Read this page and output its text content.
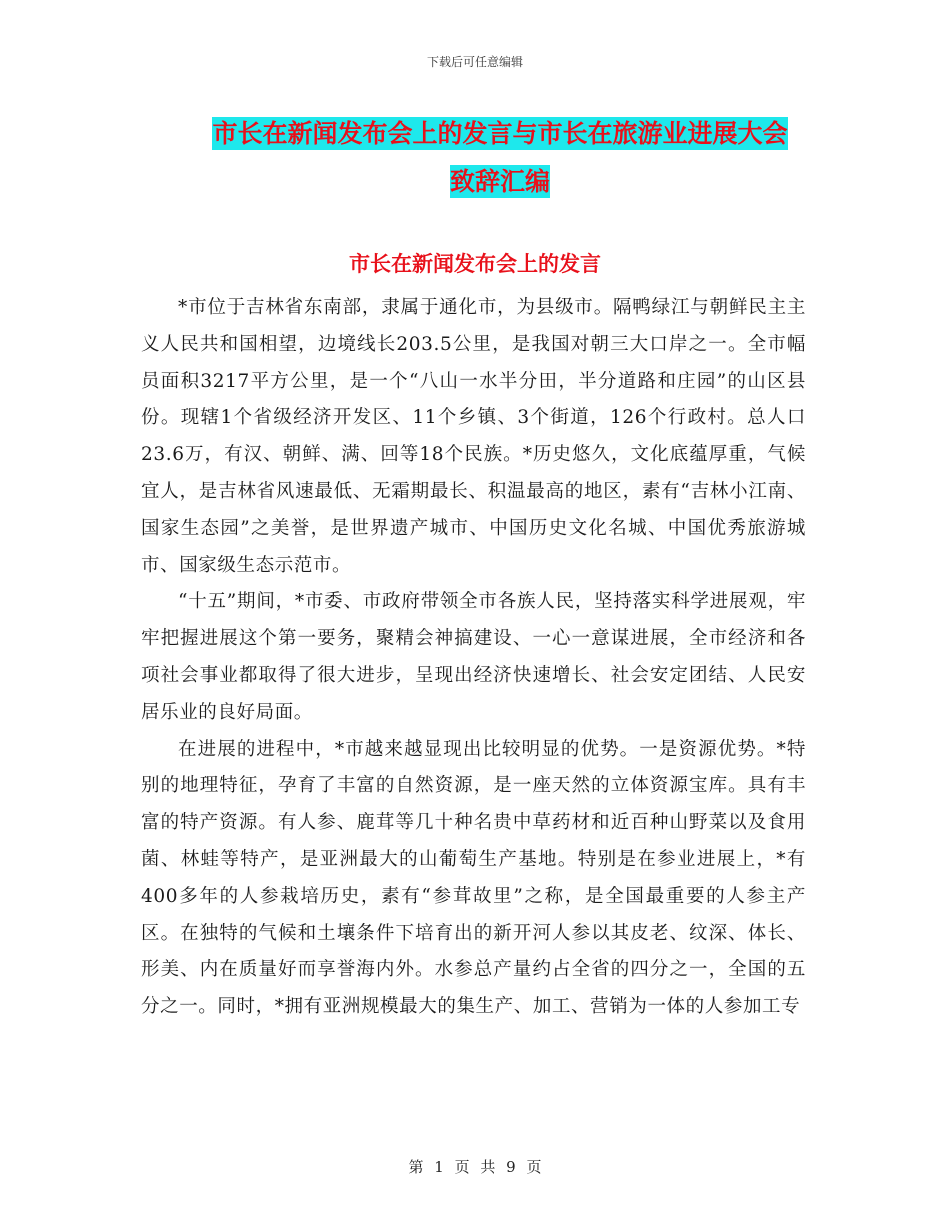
下载后可任意编辑
市长在新闻发布会上的发言与市长在旅游业进展大会
致辞汇编
市长在新闻发布会上的发言

*市位于吉林省东南部，隶属于通化市，为县级市。隔鸭绿江与朝鲜民主主义人民共和国相望，边境线长203.5公里，是我国对朝三大口岸之一。全市幅员面积3217平方公里，是一个“八山一水半分田，半分道路和庄园”的山区县份。现辖1个省级经济开发区、11个乡镇、3个街道，126个行政村。总人口23.6万，有汉、朝鲜、满、回等18个民族。*历史悠久，文化底蕴厚重，气候宜人，是吉林省风速最低、无霜期最长、积温最高的地区，素有“吉林小江南、国家生态园”之美誉，是世界遗产城市、中国历史文化名城、中国优秀旅游城市、国家级生态示范市。

“十五”期间，*市委、市政府带领全市各族人民，坚持落实科学进展观，牢牢把握进展这个第一要务，聚精会神搞建设、一心一意谋进展，全市经济和各项社会事业都取得了很大进步，呈现出经济快速增长、社会安定团结、人民安居乐业的良好局面。

在进展的进程中，*市越来越显现出比较明显的优势。一是资源优势。*特别的地理特征，孕育了丰富的自然资源，是一座天然的立体资源宝库。具有丰富的特产资源。有人参、鹿茸等几十种名贵中草药材和近百种山野菜以及食用菌、林蛙等特产，是亚洲最大的山葡萄生产基地。特别是在参业进展上，*有400多年的人参栽培历史，素有“参茸故里”之称，是全国最重要的人参主产区。在独特的气候和土壤条件下培育出的新开河人参以其皮老、纹深、体长、形美、内在质量好而享誉海内外。水参总产量约占全省的四分之一，全国的五分之一。同时，*拥有亚洲规模最大的集生产、加工、营销为一体的人参加工专

第 1 页 共 9 页
